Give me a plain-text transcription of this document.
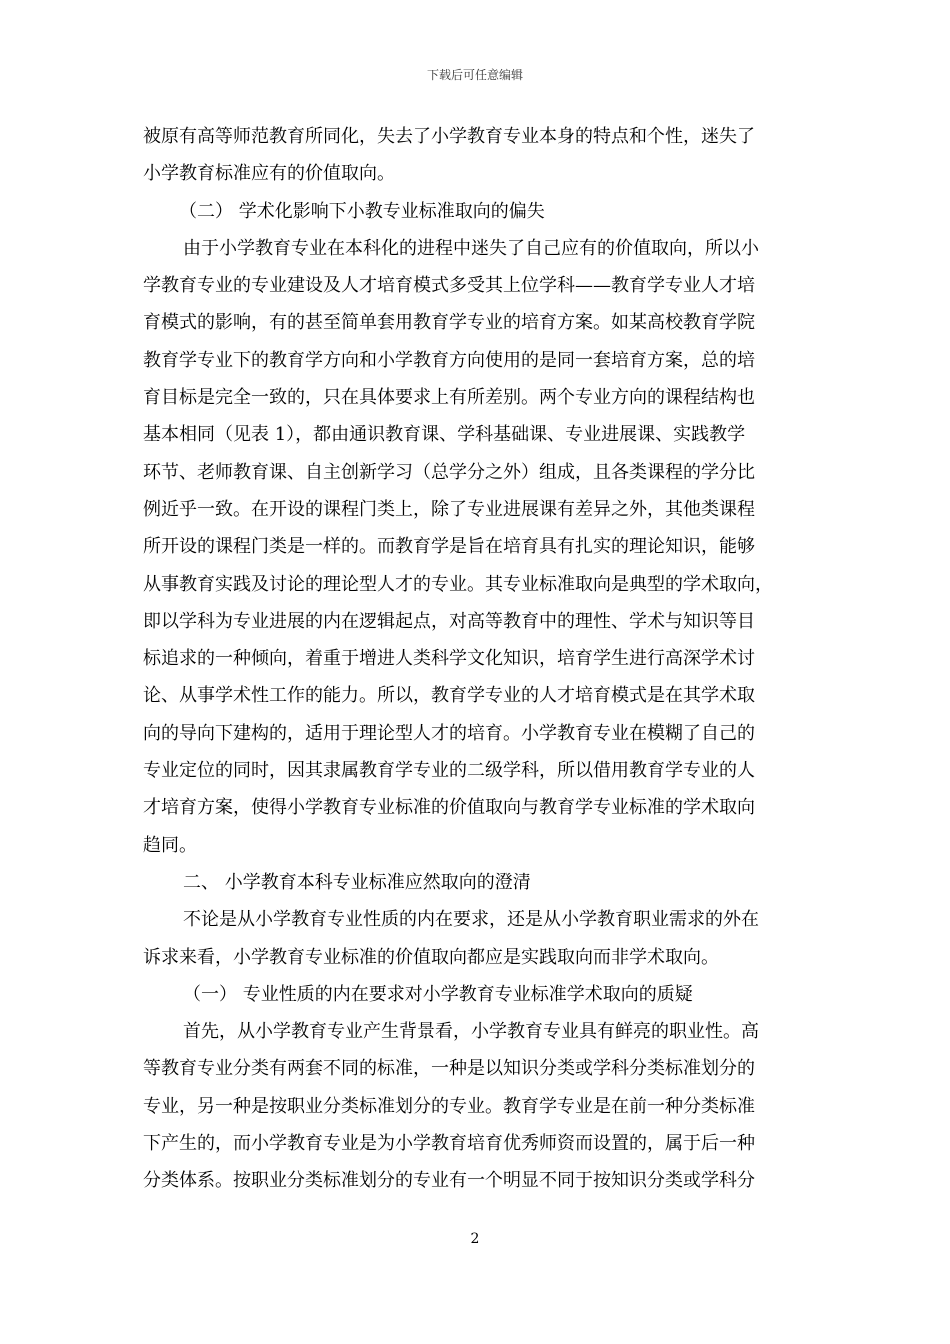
下载后可任意编辑
被原有高等师范教育所同化，失去了小学教育专业本身的特点和个性，迷失了
小学教育标准应有的价值取向。
（二） 学术化影响下小教专业标准取向的偏失
由于小学教育专业在本科化的进程中迷失了自己应有的价值取向，所以小
学教育专业的专业建设及人才培育模式多受其上位学科——教育学专业人才培
育模式的影响，有的甚至简单套用教育学专业的培育方案。如某高校教育学院
教育学专业下的教育学方向和小学教育方向使用的是同一套培育方案，总的培
育目标是完全一致的，只在具体要求上有所差别。两个专业方向的课程结构也
基本相同（见表 1），都由通识教育课、学科基础课、专业进展课、实践教学
环节、老师教育课、自主创新学习（总学分之外）组成，且各类课程的学分比
例近乎一致。在开设的课程门类上，除了专业进展课有差异之外，其他类课程
所开设的课程门类是一样的。而教育学是旨在培育具有扎实的理论知识，能够
从事教育实践及讨论的理论型人才的专业。其专业标准取向是典型的学术取向，
即以学科为专业进展的内在逻辑起点，对高等教育中的理性、学术与知识等目
标追求的一种倾向，着重于增进人类科学文化知识，培育学生进行高深学术讨
论、从事学术性工作的能力。所以，教育学专业的人才培育模式是在其学术取
向的导向下建构的，适用于理论型人才的培育。小学教育专业在模糊了自己的
专业定位的同时，因其隶属教育学专业的二级学科，所以借用教育学专业的人
才培育方案，使得小学教育专业标准的价值取向与教育学专业标准的学术取向
趋同。
二、 小学教育本科专业标准应然取向的澄清
不论是从小学教育专业性质的内在要求，还是从小学教育职业需求的外在
诉求来看，小学教育专业标准的价值取向都应是实践取向而非学术取向。
（一） 专业性质的内在要求对小学教育专业标准学术取向的质疑
首先，从小学教育专业产生背景看，小学教育专业具有鲜亮的职业性。高
等教育专业分类有两套不同的标准，一种是以知识分类或学科分类标准划分的
专业，另一种是按职业分类标准划分的专业。教育学专业是在前一种分类标准
下产生的，而小学教育专业是为小学教育培育优秀师资而设置的，属于后一种
分类体系。按职业分类标准划分的专业有一个明显不同于按知识分类或学科分
2
